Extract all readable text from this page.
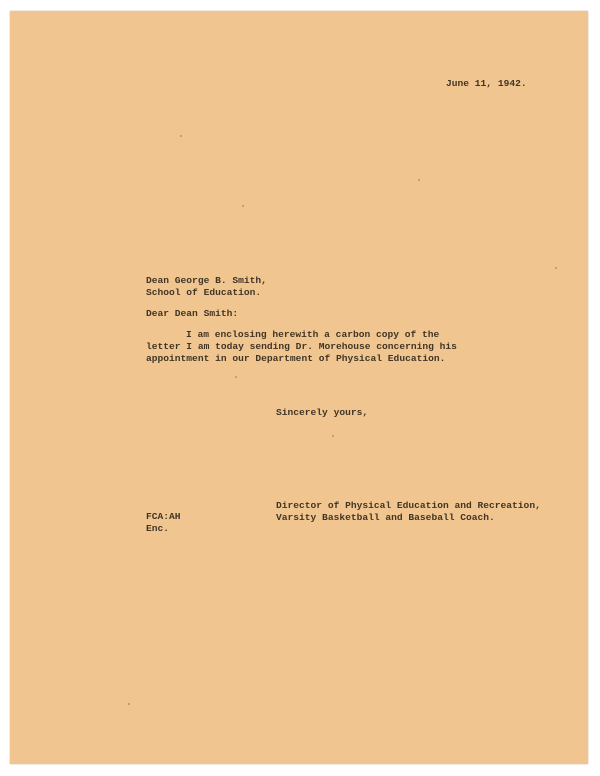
June 11, 1942.
Dean George B. Smith,
School of Education.
Dear Dean Smith:
I am enclosing herewith a carbon copy of the
letter I am today sending Dr. Morehouse concerning his
appointment in our Department of Physical Education.
Sincerely yours,
Director of Physical Education and Recreation,
Varsity Basketball and Baseball Coach.
FCA:AH
Enc.
